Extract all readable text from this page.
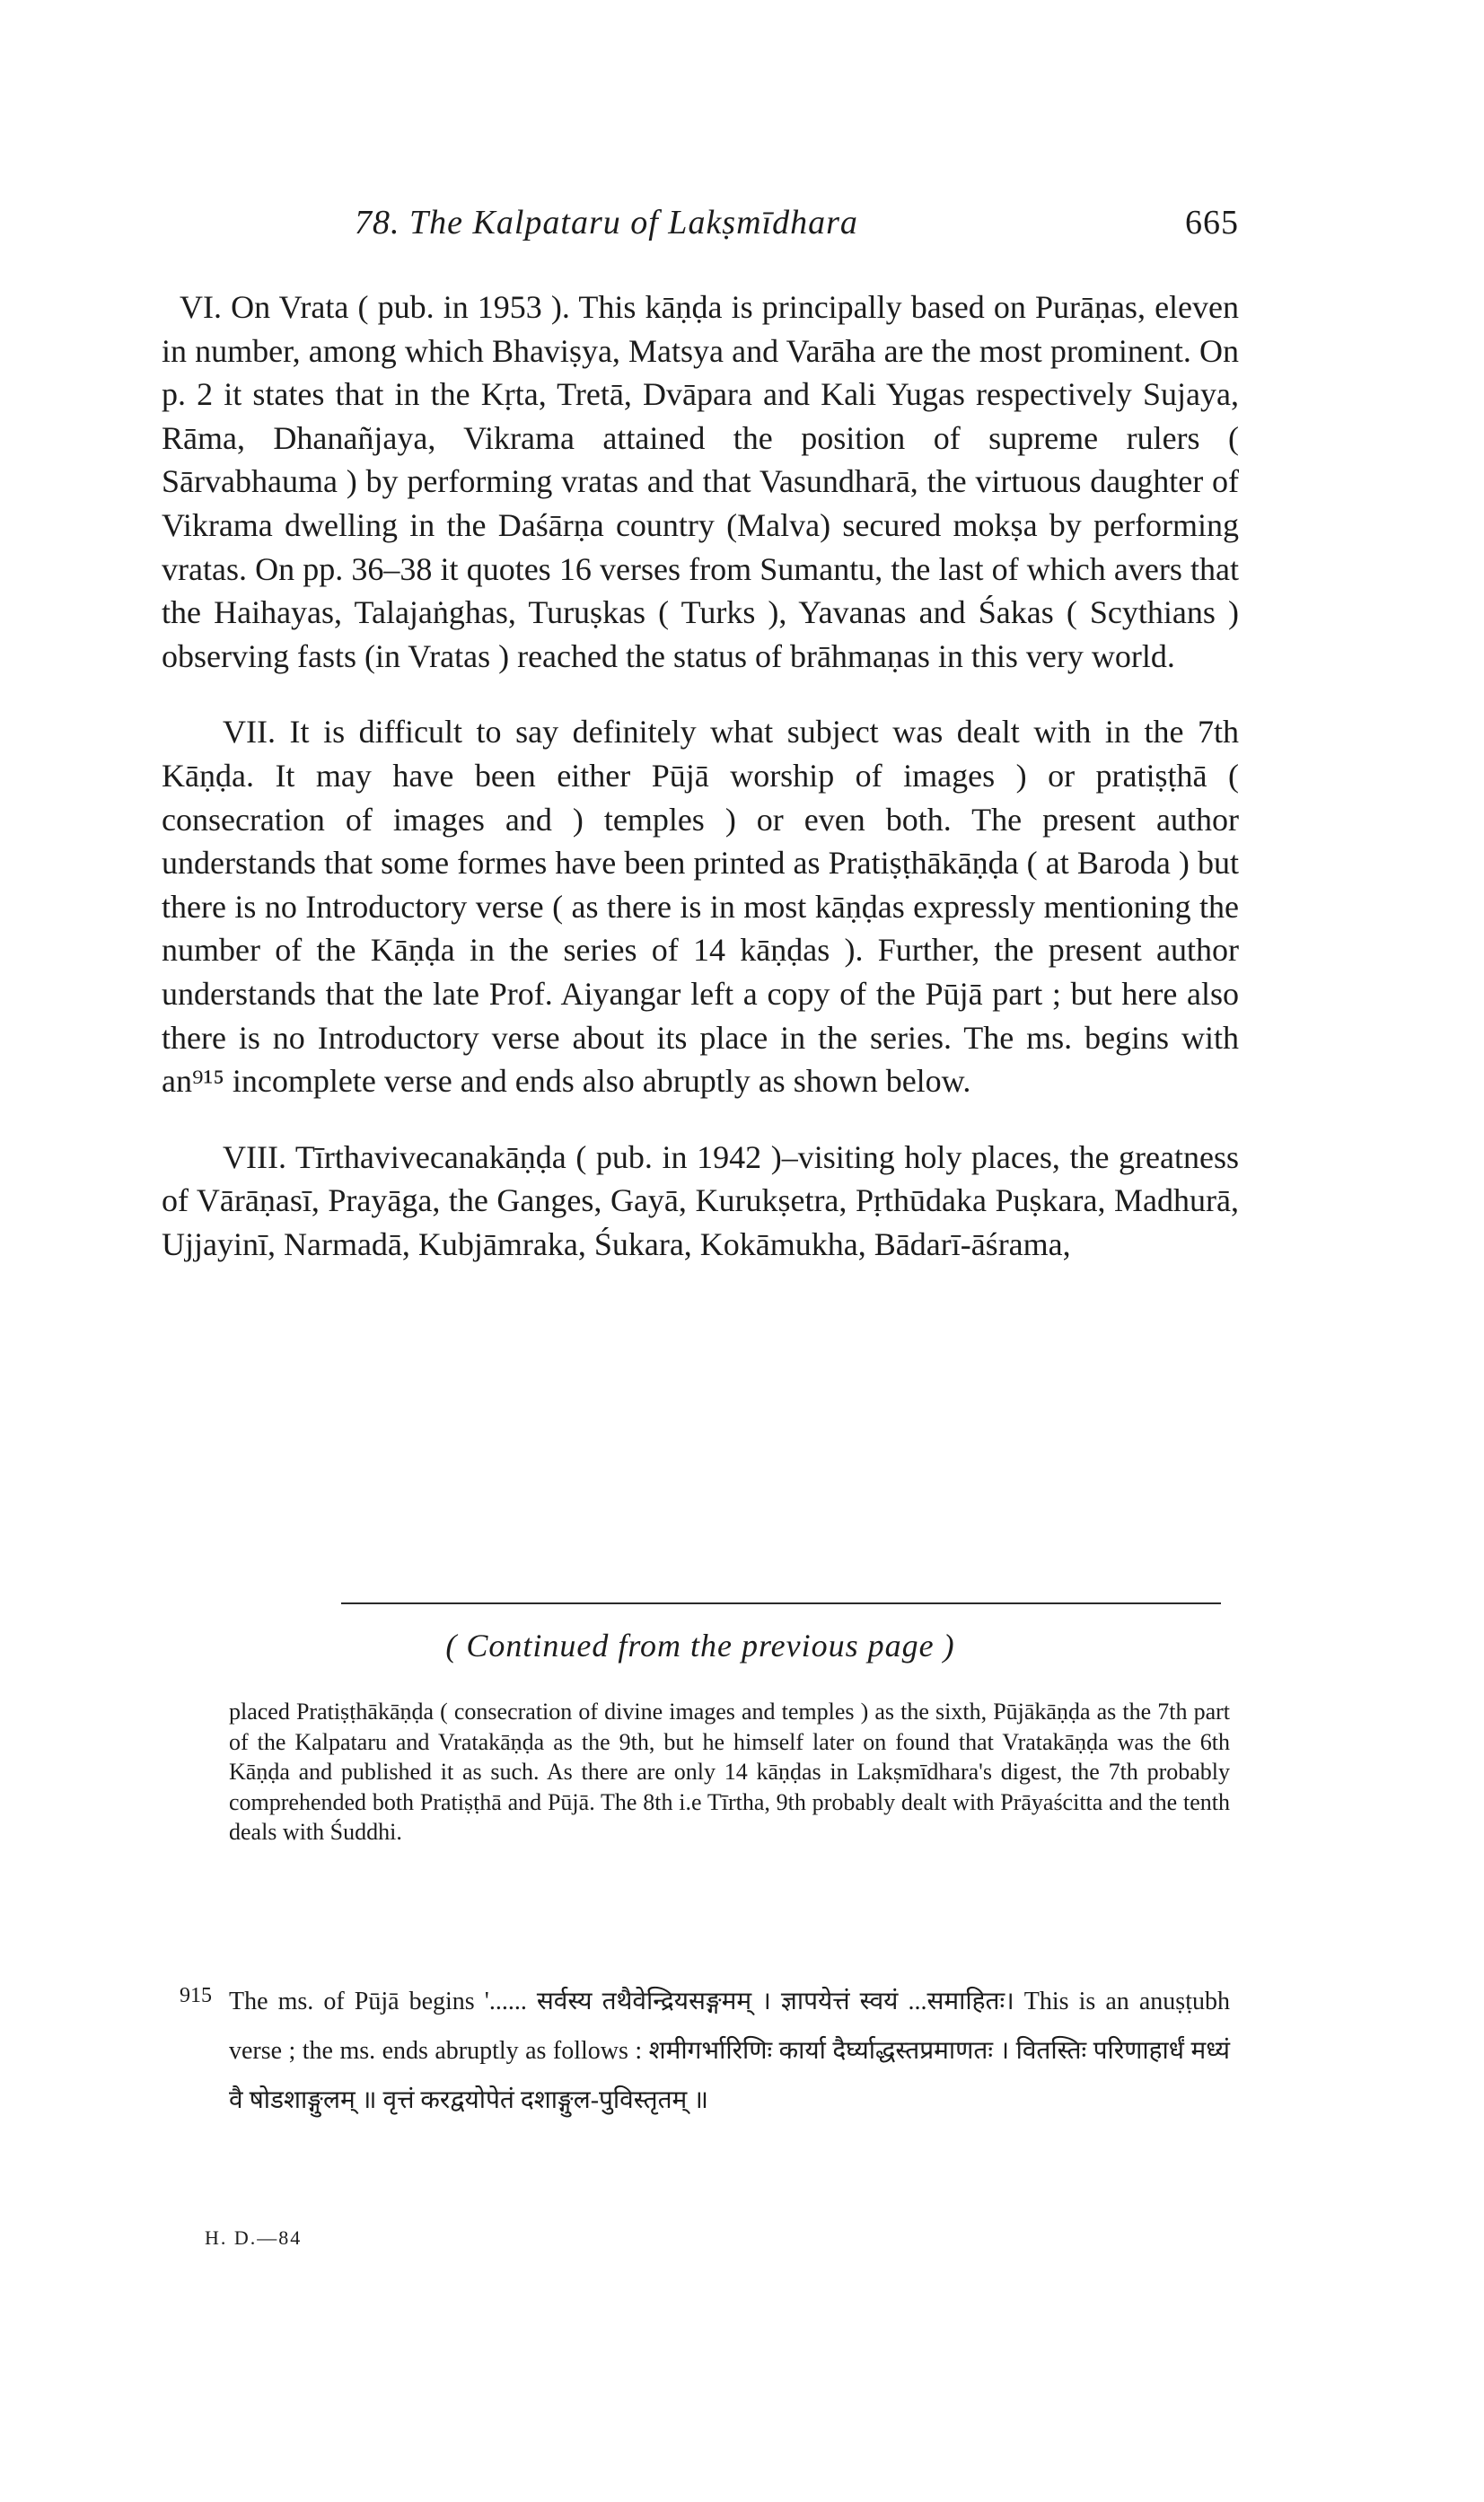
78. The Kalpataru of Lakṣmīdhara	665

VI. On Vrata ( pub. in 1953 ). This kāṇḍa is principally based on Purāṇas, eleven in number, among which Bhaviṣya, Matsya and Varāha are the most prominent. On p. 2 it states that in the Kṛta, Tretā, Dvāpara and Kali Yugas respectively Sujaya, Rāma, Dhanañjaya, Vikrama attained the position of supreme rulers ( Sārvabhauma ) by performing vratas and that Vasundharā, the virtuous daughter of Vikrama dwelling in the Daśārṇa country (Malva) secured mokṣa by performing vratas. On pp. 36–38 it quotes 16 verses from Sumantu, the last of which avers that the Haihayas, Talajaṅghas, Turuṣkas ( Turks ), Yavanas and Śakas ( Scythians ) observing fasts (in Vratas ) reached the status of brāhmaṇas in this very world.

VII. It is difficult to say definitely what subject was dealt with in the 7th Kāṇḍa. It may have been either Pūjā worship of images ) or pratiṣṭhā ( consecration of images and ) temples ) or even both. The present author understands that some formes have been printed as Pratiṣṭhākāṇḍa ( at Baroda ) but there is no Introductory verse ( as there is in most kāṇḍas expressly mentioning the number of the Kāṇḍa in the series of 14 kāṇḍas ). Further, the present author understands that the late Prof. Aiyangar left a copy of the Pūjā part ; but here also there is no Introductory verse about its place in the series. The ms. begins with an⁹¹⁵ incomplete verse and ends also abruptly as shown below.

VIII. Tīrthavivecanakāṇḍa ( pub. in 1942 )–visiting holy places, the greatness of Vārāṇasī, Prayāga, the Ganges, Gayā, Kurukṣetra, Pṛthūdaka Puṣkara, Madhurā, Ujjayinī, Narmadā, Kubjāmraka, Śukara, Kokāmukha, Bādarī-āśrama,

( Continued from the previous page )

placed Pratiṣṭhākāṇḍa ( consecration of divine images and temples ) as the sixth, Pūjākāṇḍa as the 7th part of the Kalpataru and Vratakāṇḍa as the 9th, but he himself later on found that Vratakāṇḍa was the 6th Kāṇḍa and published it as such. As there are only 14 kāṇḍas in Lakṣmīdhara's digest, the 7th probably comprehended both Pratiṣṭhā and Pūjā. The 8th i.e Tīrtha, 9th probably dealt with Prāyaścitta and the tenth deals with Śuddhi.

915 The ms. of Pūjā begins '...... सर्वस्य तथैवेन्द्रियसङ्गमम् । ज्ञापयेत्तं स्वयं ...समाहितः। This is an anuṣṭubh verse ; the ms. ends abruptly as follows : शमीगर्भारिणिः कार्या दैर्घ्याद्धस्तप्रमाणतः । वितस्तिः परिणाहार्धं मध्यं वै षोडशाङ्गुलम् ॥ वृत्तं करद्वयोपेतं दशाङ्गुल-पुविस्तृतम् ॥

H. D.—84
